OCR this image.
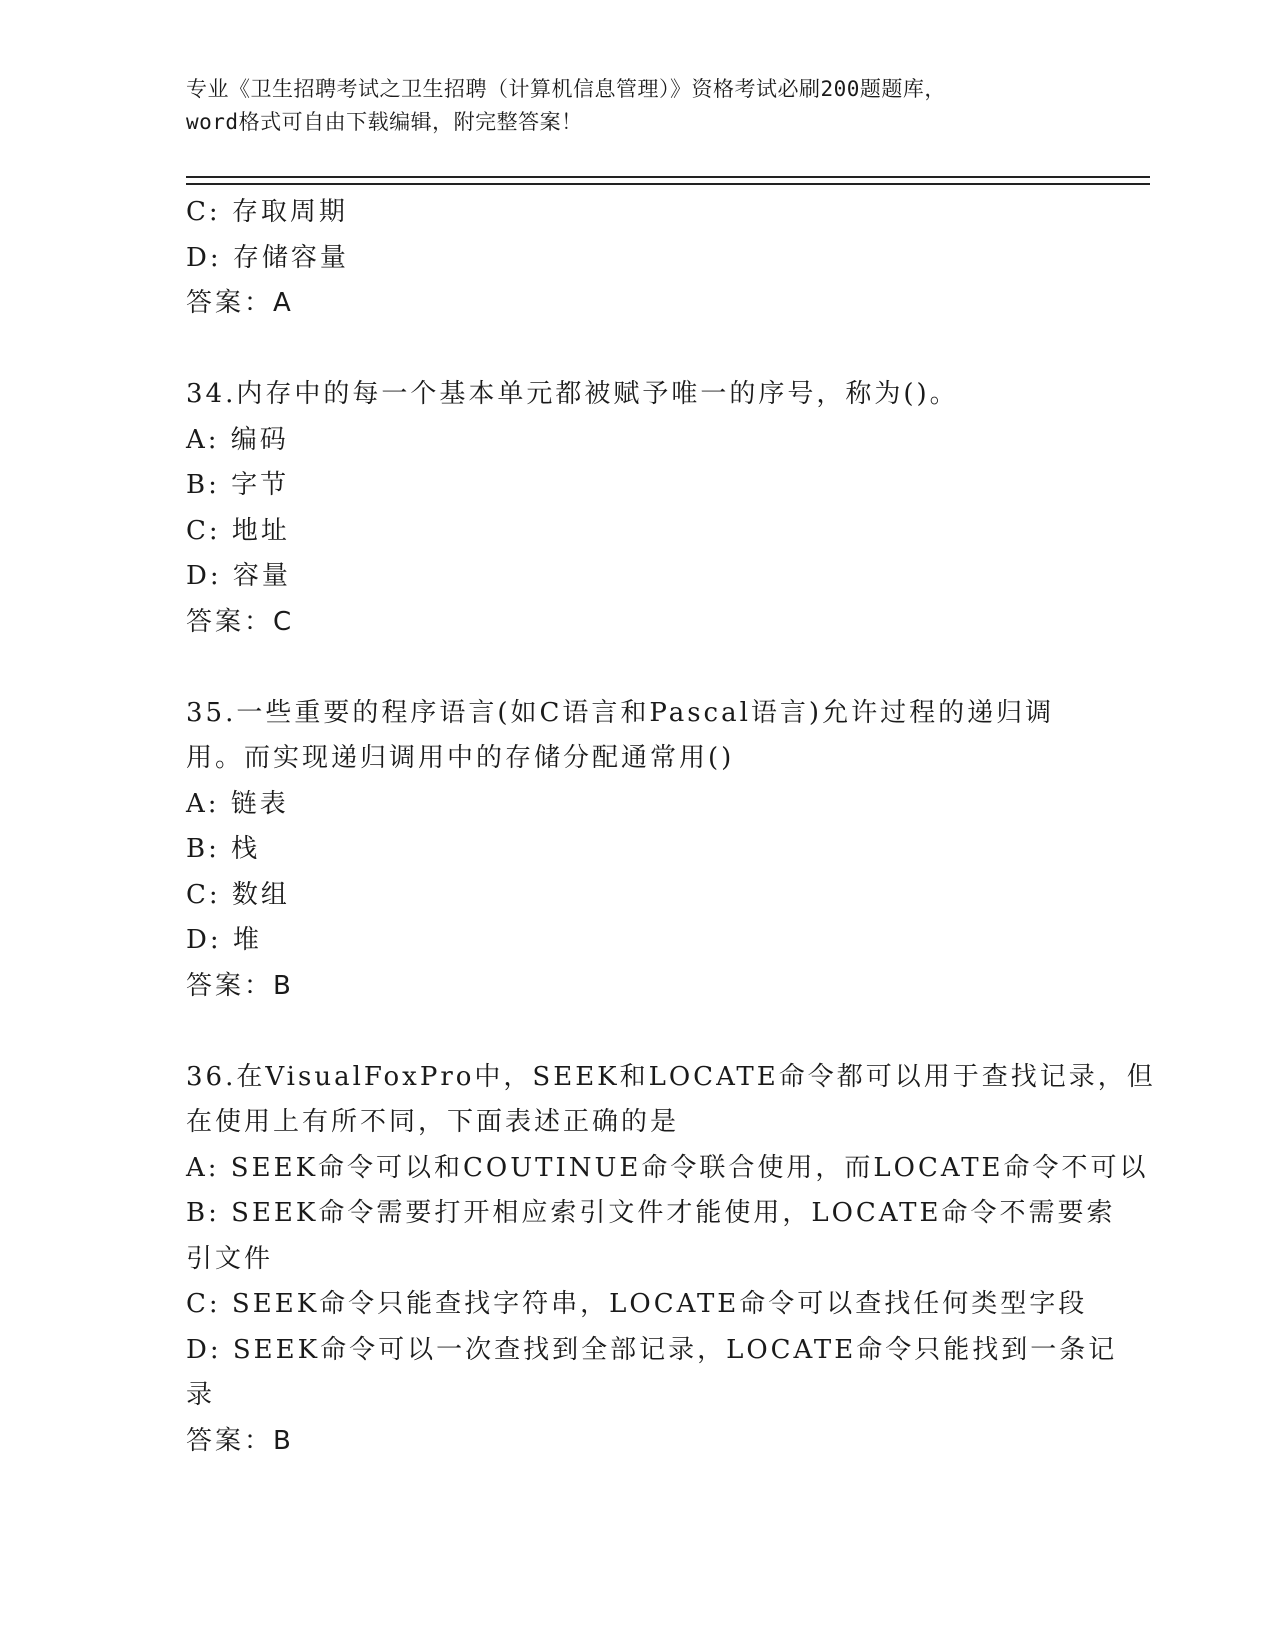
专业《卫生招聘考试之卫生招聘（计算机信息管理）》资格考试必刷200题题库，
word格式可自由下载编辑，附完整答案！
C: 存取周期
D: 存储容量
答案：A
34.内存中的每一个基本单元都被赋予唯一的序号，称为()。
A: 编码
B: 字节
C: 地址
D: 容量
答案：C
35.一些重要的程序语言(如C语言和Pascal语言)允许过程的递归调
用。而实现递归调用中的存储分配通常用()
A: 链表
B: 栈
C: 数组
D: 堆
答案：B
36.在VisualFoxPro中，SEEK和LOCATE命令都可以用于查找记录，但
在使用上有所不同，下面表述正确的是
A: SEEK命令可以和COUTINUE命令联合使用，而LOCATE命令不可以
B: SEEK命令需要打开相应索引文件才能使用，LOCATE命令不需要索
引文件
C: SEEK命令只能查找字符串，LOCATE命令可以查找任何类型字段
D: SEEK命令可以一次查找到全部记录，LOCATE命令只能找到一条记
录
答案：B
